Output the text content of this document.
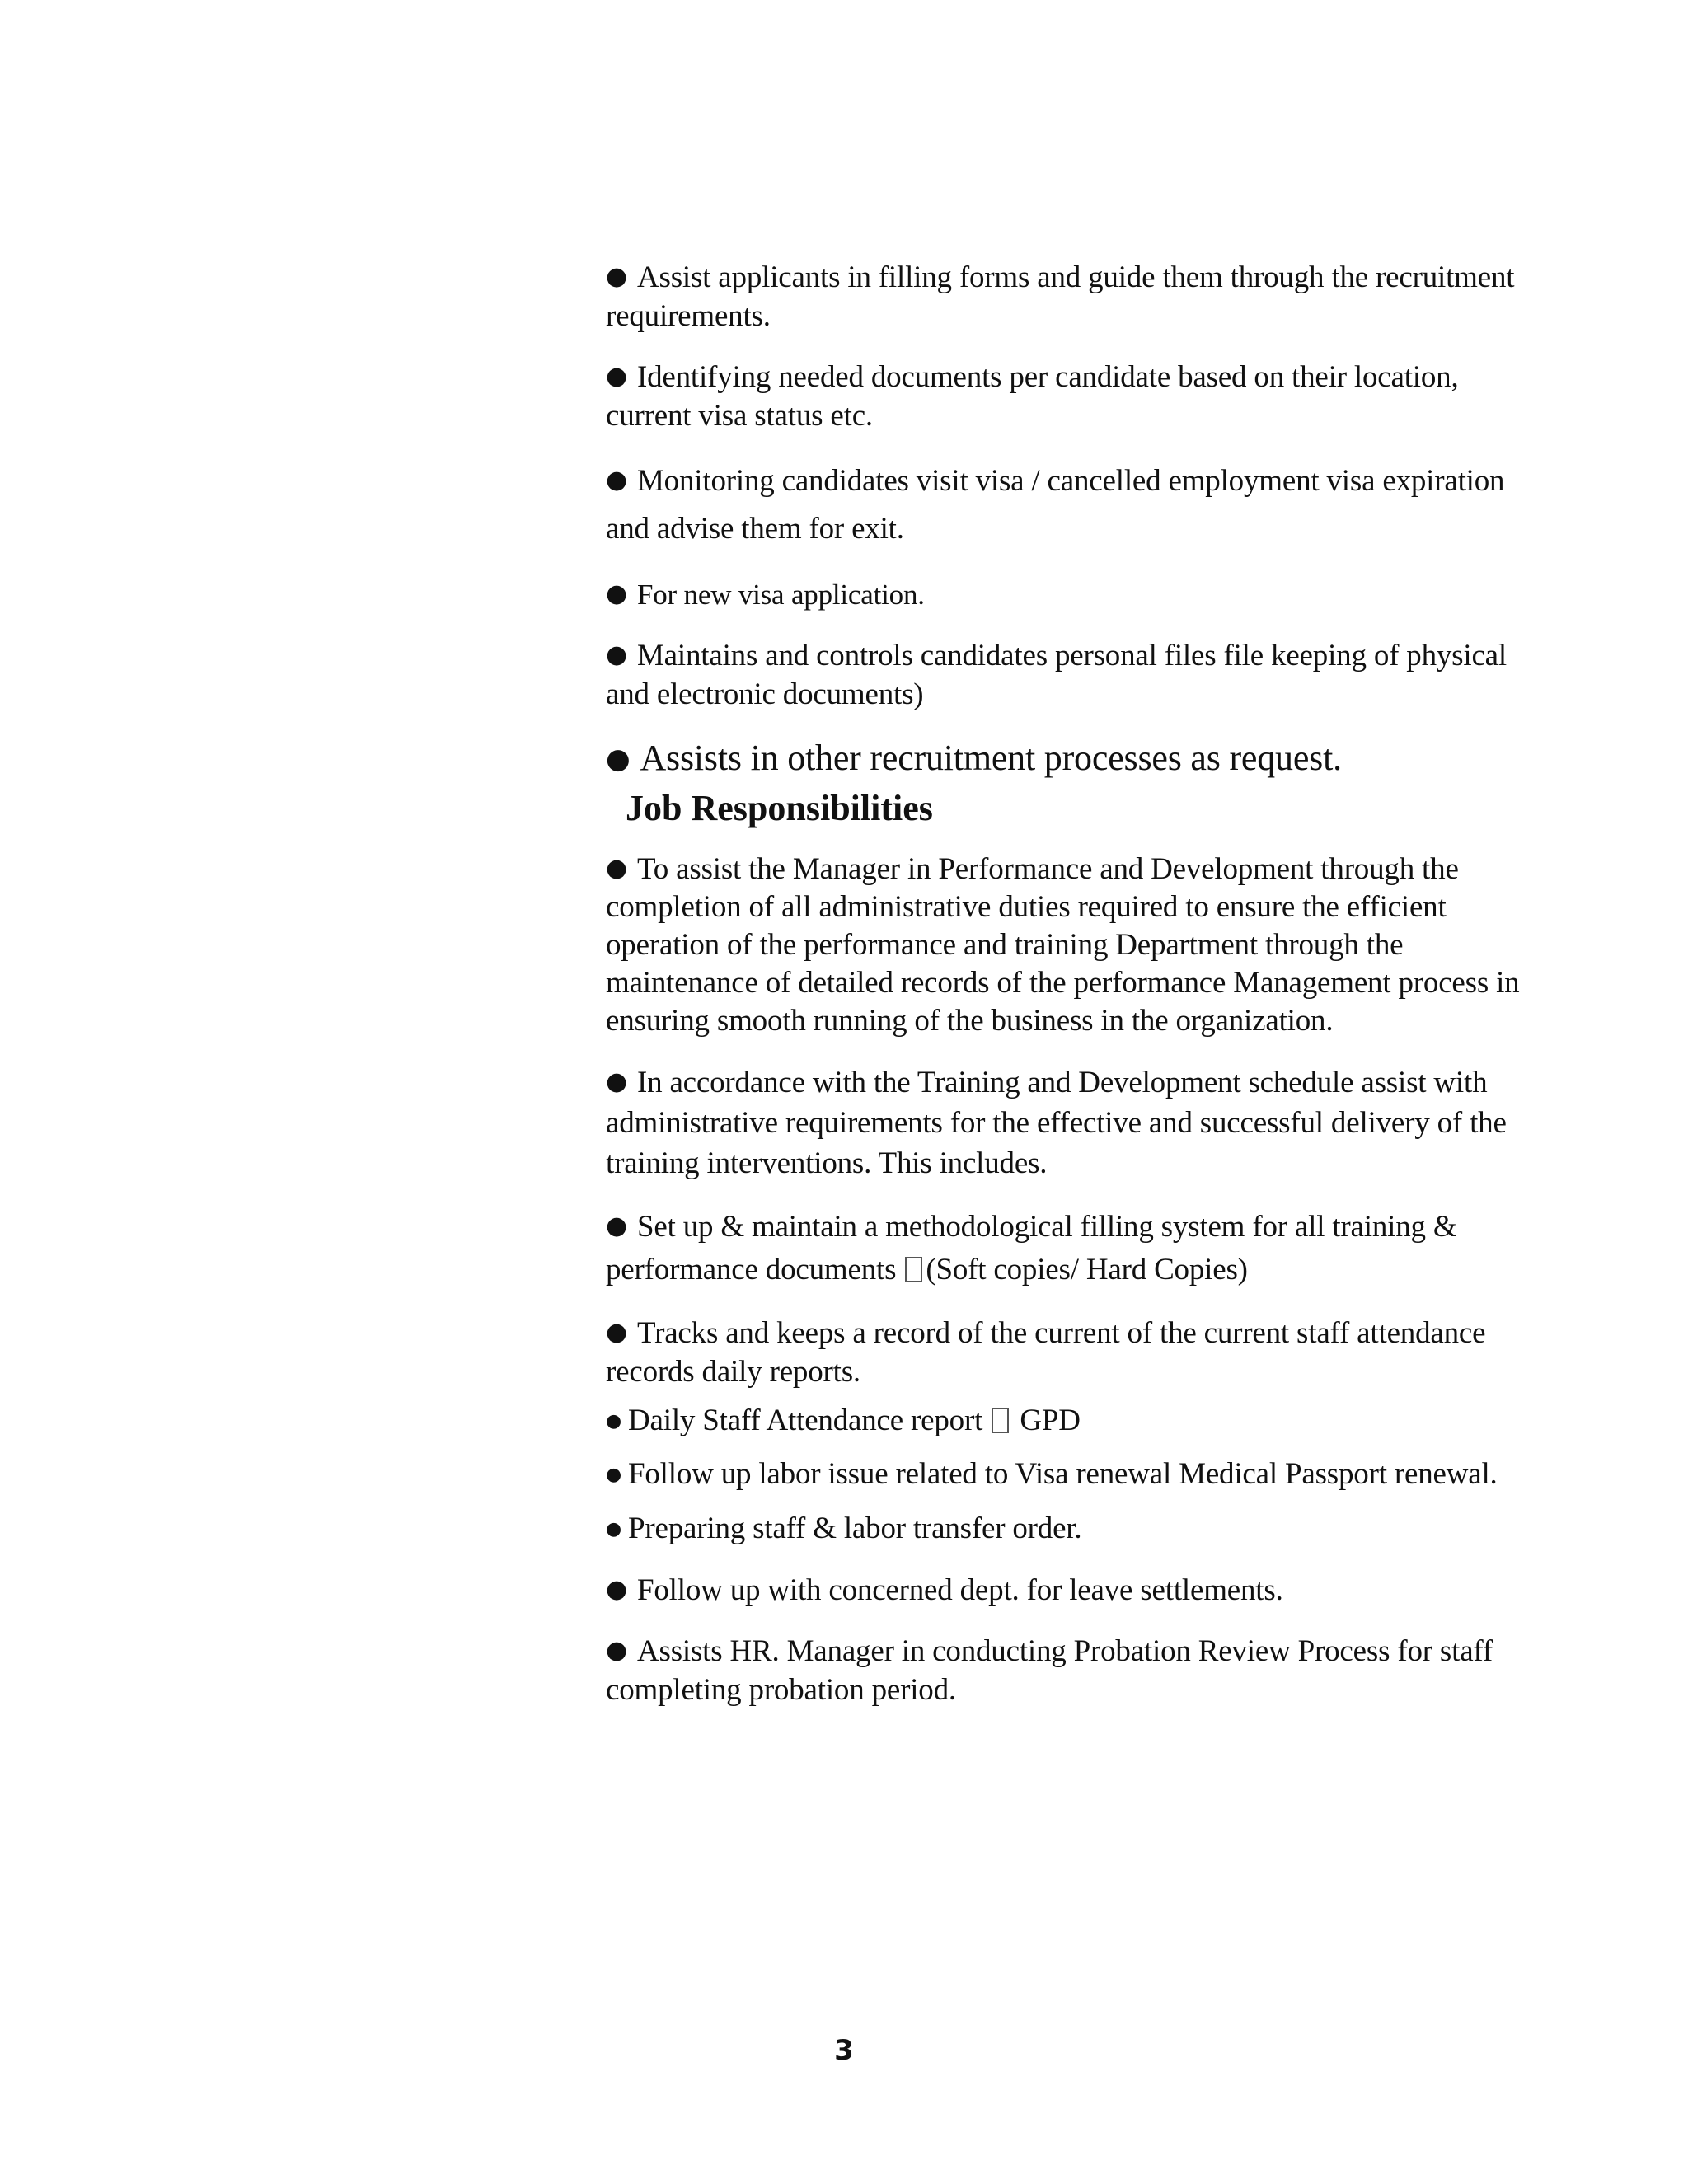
● Assist applicants in filling forms and guide them through the recruitment requirements.

● Identifying needed documents per candidate based on their location, current visa status etc.

● Monitoring candidates visit visa / cancelled employment visa expiration and advise them for exit.

● For new visa application.

● Maintains and controls candidates personal files file keeping of physical and electronic documents)

● Assists in other recruitment processes as request.

Job Responsibilities

● To assist the Manager in Performance and Development through the completion of all administrative duties required to ensure the efficient operation of the performance and training Department through the maintenance of detailed records of the performance Management process in ensuring smooth running of the business in the organization.

● In accordance with the Training and Development schedule assist with administrative requirements for the effective and successful delivery of the training interventions. This includes.

● Set up & maintain a methodological filling system for all training & performance documents (Soft copies/ Hard Copies)

● Tracks and keeps a record of the current of the current staff attendance records daily reports.

● Daily Staff Attendance report GPD

● Follow up labor issue related to Visa renewal Medical Passport renewal.

● Preparing staff & labor transfer order.

● Follow up with concerned dept. for leave settlements.

● Assists HR. Manager in conducting Probation Review Process for staff completing probation period.

3
